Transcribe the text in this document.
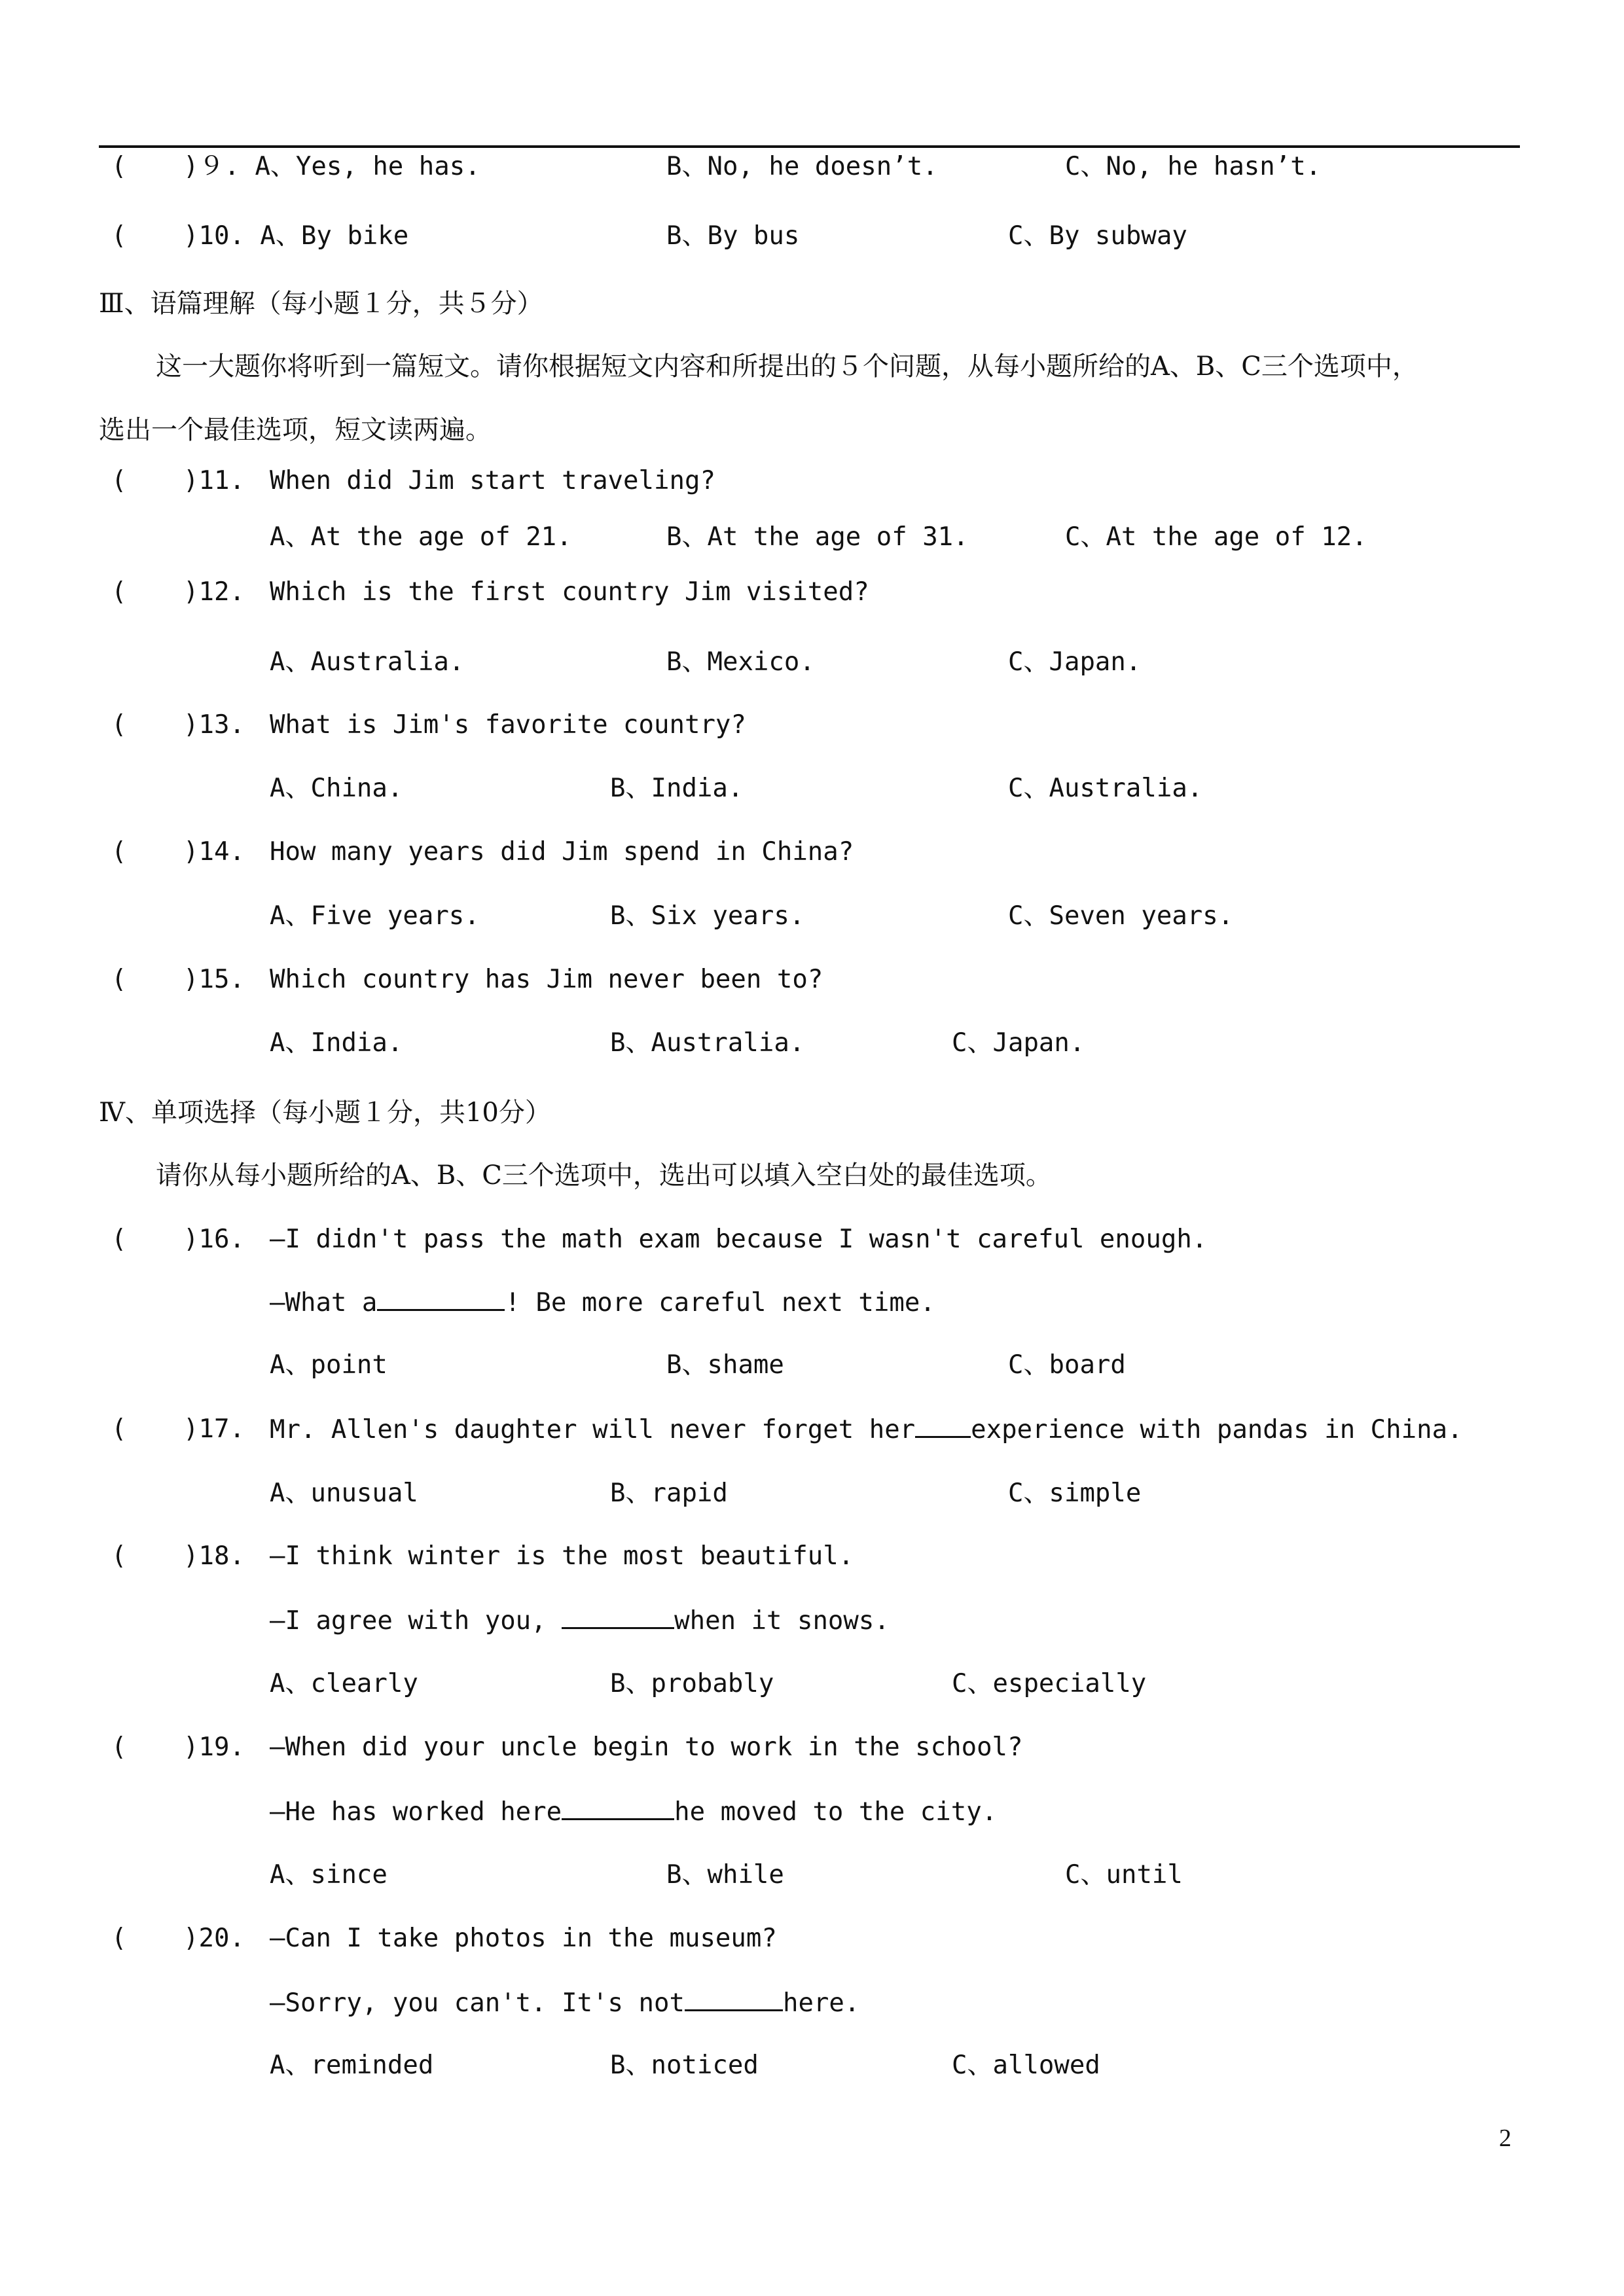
( )９. A、Yes, he has.	B、No, he doesn’t.	C、No, he hasn’t.
( )10. A、By bike	B、By bus	C、By subway
Ⅲ、语篇理解（每小题１分，共５分）
这一大题你将听到一篇短文。请你根据短文内容和所提出的５个问题，从每小题所给的A、B、C三个选项中，
选出一个最佳选项，短文读两遍。
( )11. When did Jim start traveling?
A、At the age of 21.	B、At the age of 31.	C、At the age of 12.
( )12. Which is the first country Jim visited?
A、Australia.	B、Mexico.	C、Japan.
( )13. What is Jim's favorite country?
A、China.	B、India.	C、Australia.
( )14. How many years did Jim spend in China?
A、Five years.	B、Six years.	C、Seven years.
( )15. Which country has Jim never been to?
A、India.	B、Australia.	C、Japan.
Ⅳ、单项选择（每小题１分，共10分）
请你从每小题所给的A、B、C三个选项中，选出可以填入空白处的最佳选项。
( )16. —I didn't pass the math exam because I wasn't careful enough.
—What a	! Be more careful next time.
A、point	B、shame	C、board
( )17. Mr. Allen's daughter will never forget her experience with pandas in China.
A、unusual	B、rapid	C、simple
( )18. —I think winter is the most beautiful.
—I agree with you,	when it snows.
A、clearly	B、probably	C、especially
( )19. —When did your uncle begin to work in the school?
—He has worked here	he moved to the city.
A、since	B、while	C、until
( )20. —Can I take photos in the museum?
—Sorry, you can't. It's not	here.
A、reminded	B、noticed	C、allowed
2
